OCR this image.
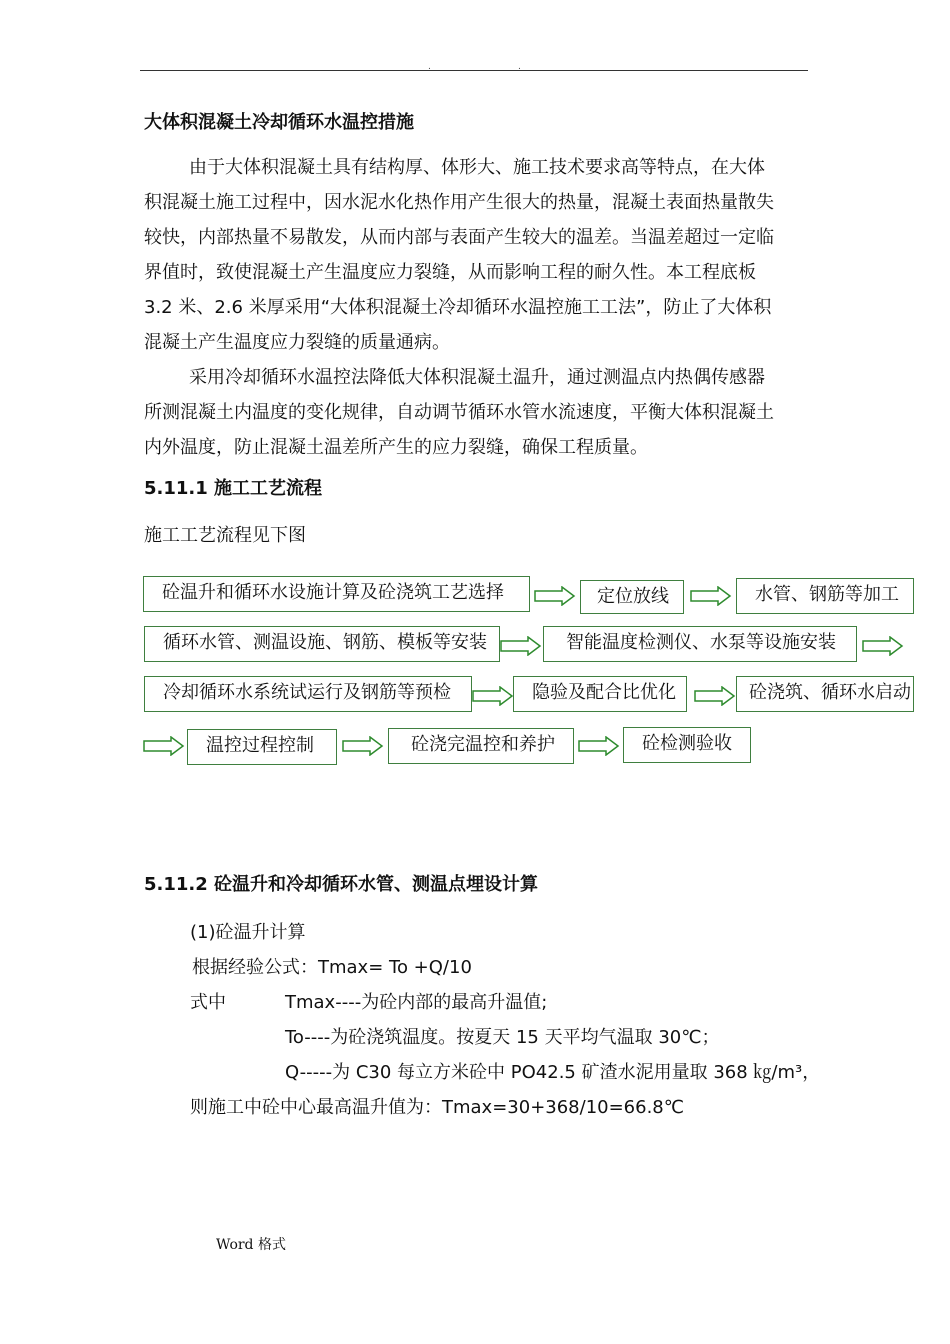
.	.
大体积混凝土冷却循环水温控措施
由于大体积混凝土具有结构厚、体形大、施工技术要求高等特点，在大体
积混凝土施工过程中，因水泥水化热作用产生很大的热量，混凝土表面热量散失
较快，内部热量不易散发，从而内部与表面产生较大的温差。当温差超过一定临
界值时，致使混凝土产生温度应力裂缝，从而影响工程的耐久性。本工程底板
3.2 米、2.6 米厚采用“大体积混凝土冷却循环水温控施工工法”，防止了大体积
混凝土产生温度应力裂缝的质量通病。
采用冷却循环水温控法降低大体积混凝土温升，通过测温点内热偶传感器
所测混凝土内温度的变化规律，自动调节循环水管水流速度，平衡大体积混凝土
内外温度，防止混凝土温差所产生的应力裂缝，确保工程质量。
5.11.1 施工工艺流程
施工工艺流程见下图
砼温升和循环水设施计算及砼浇筑工艺选择	定位放线	水管、钢筋等加工
循环水管、测温设施、钢筋、模板等安装	智能温度检测仪、水泵等设施安装
冷却循环水系统试运行及钢筋等预检	隐验及配合比优化	砼浇筑、循环水启动
温控过程控制	砼浇完温控和养护	砼检测验收
5.11.2 砼温升和冷却循环水管、测温点埋设计算
(1)砼温升计算
根据经验公式：Tmax= To +Q/10
式中	Tmax----为砼内部的最高升温值;
To----为砼浇筑温度。按夏天 15 天平均气温取 30℃；
Q-----为 C30 每立方米砼中 PO42.5 矿渣水泥用量取 368 ㎏/m³，
则施工中砼中心最高温升值为：Tmax=30+368/10=66.8℃
Word 格式
